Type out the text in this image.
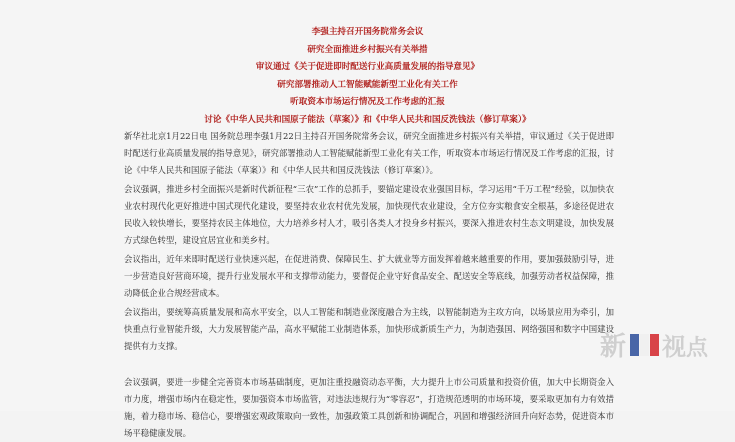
李强主持召开国务院常务会议
研究全面推进乡村振兴有关举措
审议通过《关于促进即时配送行业高质量发展的指导意见》
研究部署推动人工智能赋能新型工业化有关工作
听取资本市场运行情况及工作考虑的汇报
讨论《中华人民共和国原子能法（草案）》和《中华人民共和国反洗钱法（修订草案）》
新华社北京1月22日电 国务院总理李强1月22日主持召开国务院常务会议，研究全面推进乡村振兴有关举措，审议通过《关于促进即时配送行业高质量发展的指导意见》，研究部署推动人工智能赋能新型工业化有关工作，听取资本市场运行情况及工作考虑的汇报，讨论《中华人民共和国原子能法（草案）》和《中华人民共和国反洗钱法（修订草案）》。
会议强调，推进乡村全面振兴是新时代新征程“三农”工作的总抓手，要锚定建设农业强国目标，学习运用“千万工程”经验，以加快农业农村现代化更好推进中国式现代化建设，要坚持农业农村优先发展，加快现代农业建设，全方位夯实粮食安全根基，多途径促进农民收入较快增长，要坚持农民主体地位，大力培养乡村人才，吸引各类人才投身乡村振兴，要深入推进农村生态文明建设，加快发展方式绿色转型，建设宜居宜业和美乡村。
会议指出，近年来即时配送行业快速兴起，在促进消费、保障民生、扩大就业等方面发挥着越来越重要的作用，要加强鼓励引导，进一步营造良好营商环境，提升行业发展水平和支撑带动能力，要督促企业守好食品安全、配送安全等底线，加强劳动者权益保障，推动降低企业合规经营成本。
会议指出，要统筹高质量发展和高水平安全，以人工智能和制造业深度融合为主线，以智能制造为主攻方向，以场景应用为牵引，加快重点行业智能升级，大力发展智能产品，高水平赋能工业制造体系，加快形成新质生产力，为制造强国、网络强国和数字中国建设提供有力支撑。
会议强调，要进一步健全完善资本市场基础制度，更加注重投融资动态平衡，大力提升上市公司质量和投资价值，加大中长期资金入市力度，增强市场内在稳定性，要加强资本市场监管，对违法违规行为“零容忍”，打造规范透明的市场环境，要采取更加有力有效措施，着力稳市场、稳信心，要增强宏观政策取向一致性，加强政策工具创新和协调配合，巩固和增强经济回升向好态势，促进资本市场平稳健康发展。
新 视 点
